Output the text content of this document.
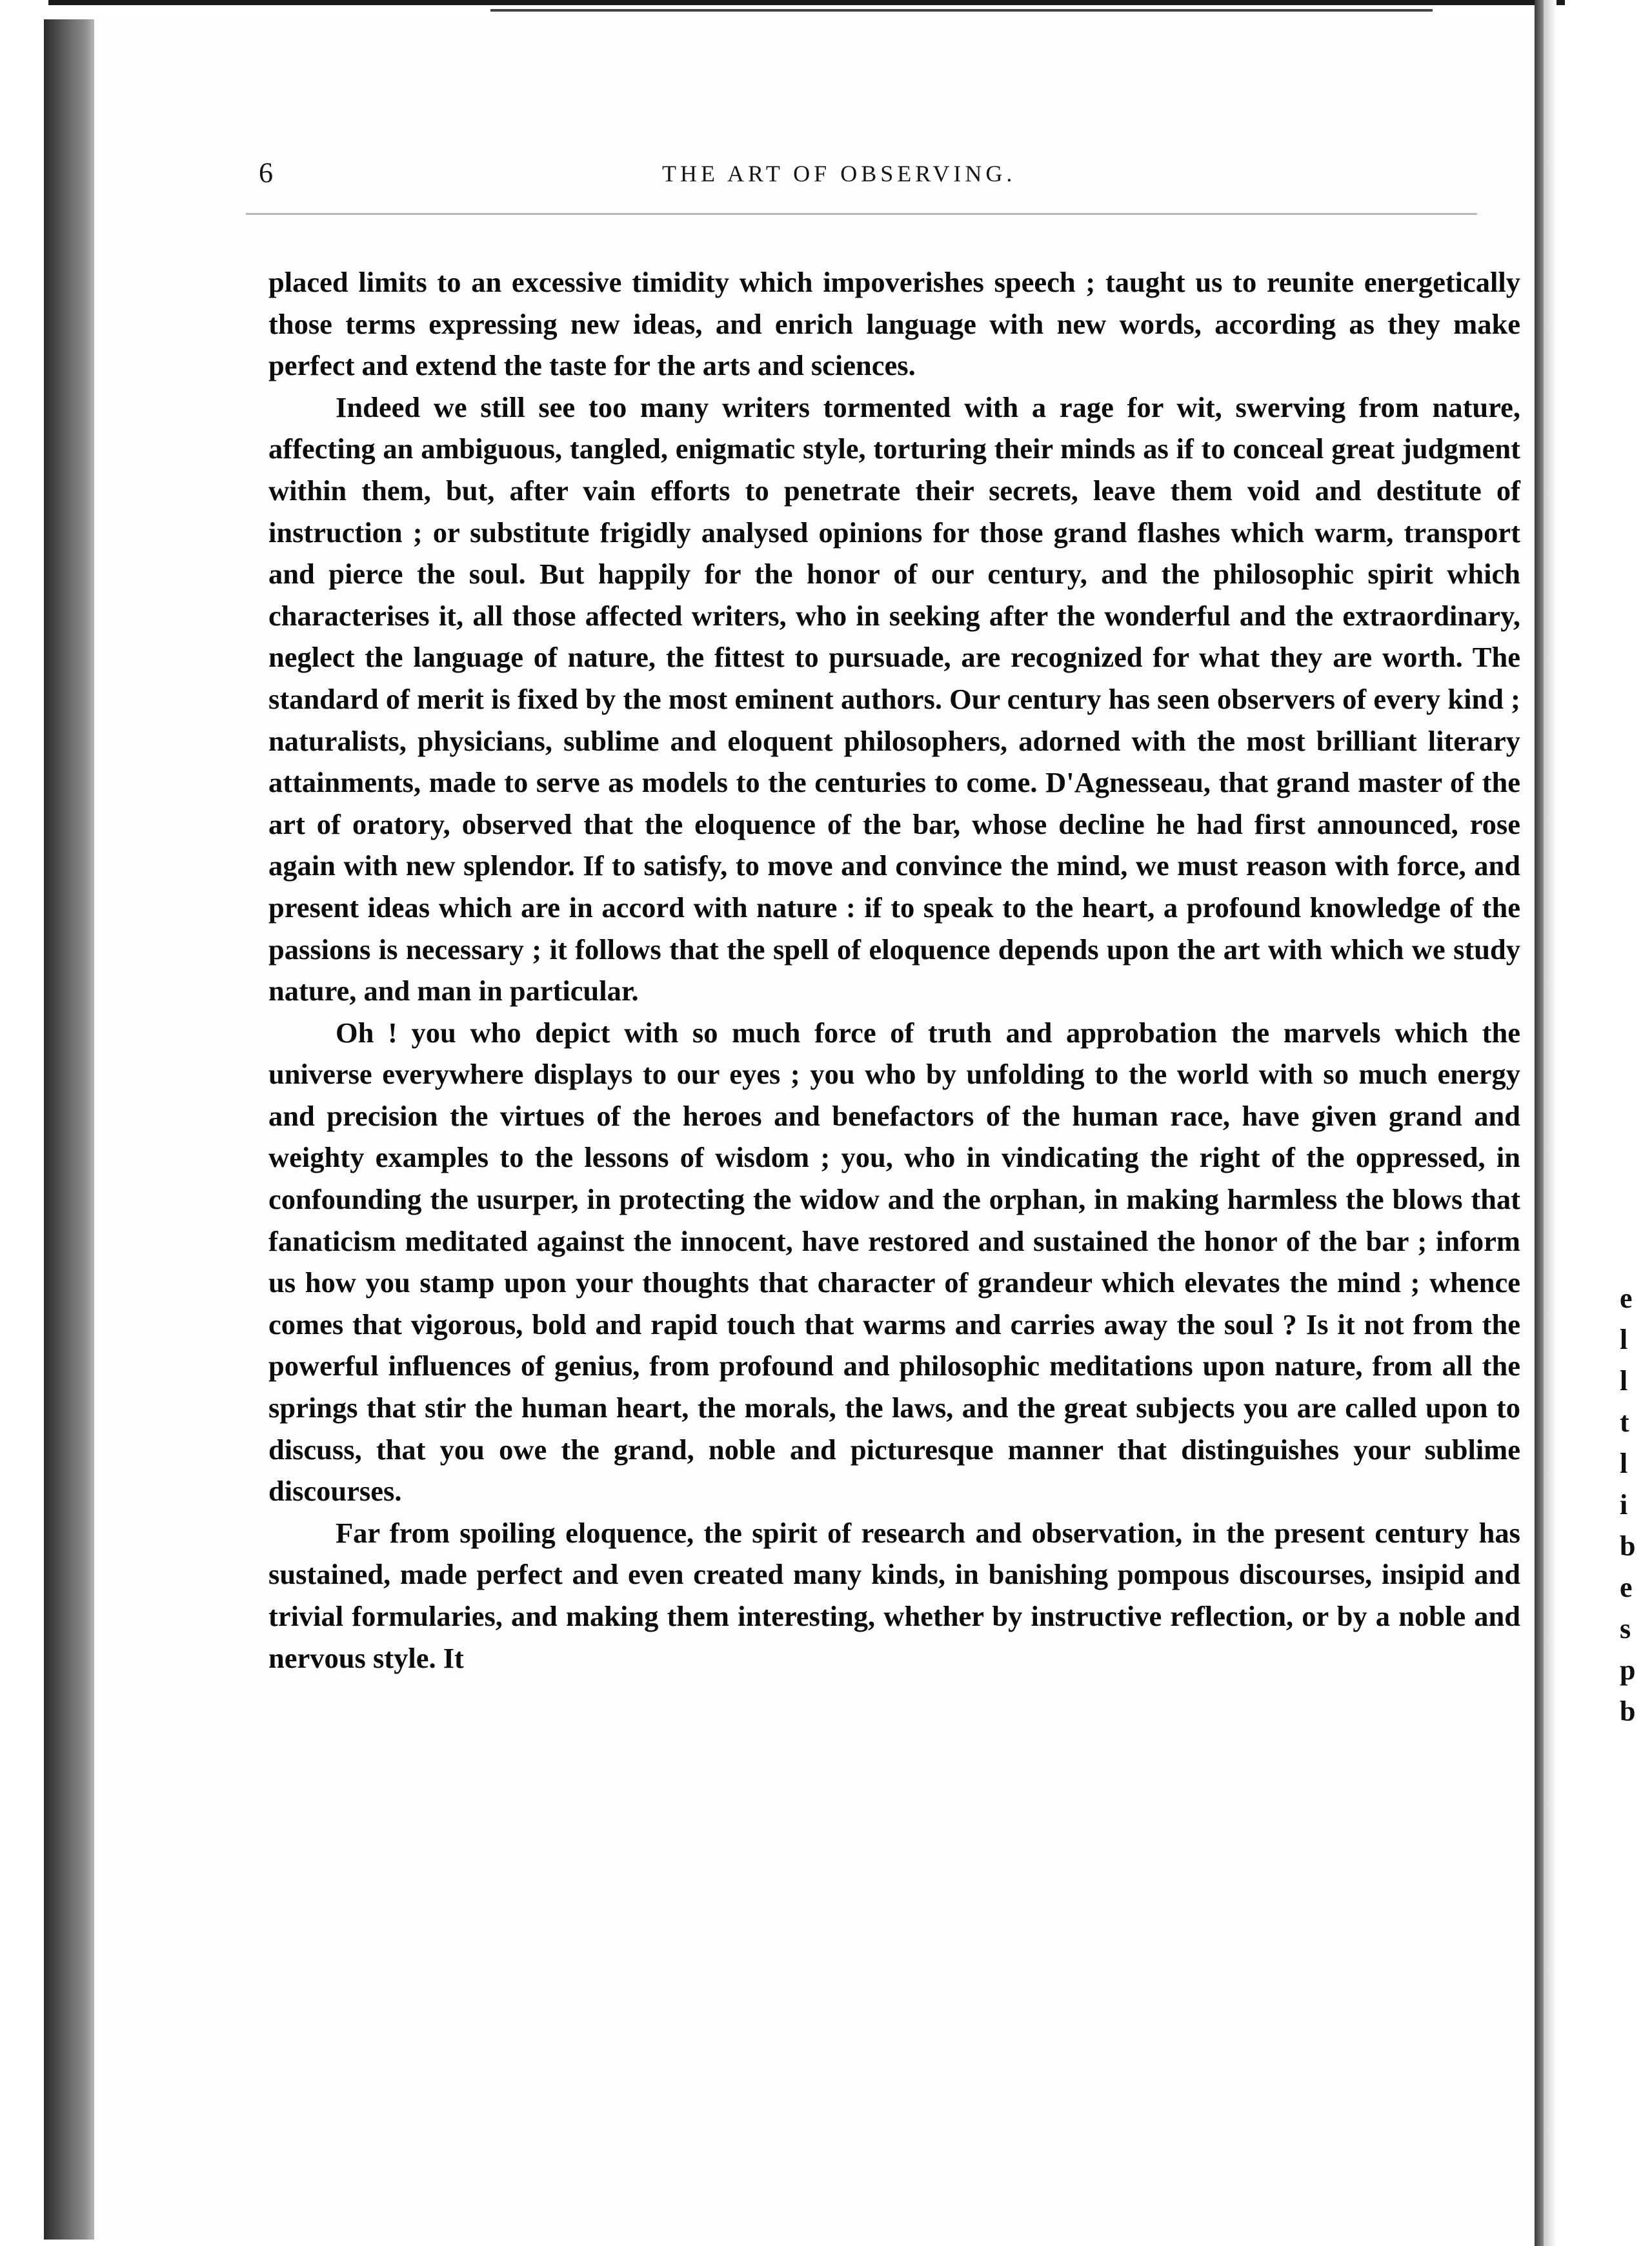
6	THE ART OF OBSERVING.

placed limits to an excessive timidity which impoverishes speech ; taught us to reunite energetically those terms expressing new ideas, and enrich language with new words, according as they make perfect and extend the taste for the arts and sciences.

Indeed we still see too many writers tormented with a rage for wit, swerving from nature, affecting an ambiguous, tangled, enigmatic style, torturing their minds as if to conceal great judgment within them, but, after vain efforts to penetrate their secrets, leave them void and destitute of instruction ; or substitute frigidly analysed opinions for those grand flashes which warm, transport and pierce the soul. But happily for the honor of our century, and the philosophic spirit which characterises it, all those affected writers, who in seeking after the wonderful and the extraordinary, neglect the language of nature, the fittest to pursuade, are recognized for what they are worth. The standard of merit is fixed by the most eminent authors. Our century has seen observers of every kind ; naturalists, physicians, sublime and eloquent philosophers, adorned with the most brilliant literary attainments, made to serve as models to the centuries to come. D'Agnesseau, that grand master of the art of oratory, observed that the eloquence of the bar, whose decline he had first announced, rose again with new splendor. If to satisfy, to move and convince the mind, we must reason with force, and present ideas which are in accord with nature : if to speak to the heart, a profound knowledge of the passions is necessary ; it follows that the spell of eloquence depends upon the art with which we study nature, and man in particular.

Oh ! you who depict with so much force of truth and approbation the marvels which the universe everywhere displays to our eyes ; you who by unfolding to the world with so much energy and precision the virtues of the heroes and benefactors of the human race, have given grand and weighty examples to the lessons of wisdom ; you, who in vindicating the right of the oppressed, in confounding the usurper, in protecting the widow and the orphan, in making harmless the blows that fanaticism meditated against the innocent, have restored and sustained the honor of the bar ; inform us how you stamp upon your thoughts that character of grandeur which elevates the mind ; whence comes that vigorous, bold and rapid touch that warms and carries away the soul ? Is it not from the powerful influences of genius, from profound and philosophic meditations upon nature, from all the springs that stir the human heart, the morals, the laws, and the great subjects you are called upon to discuss, that you owe the grand, noble and picturesque manner that distinguishes your sublime discourses.

Far from spoiling eloquence, the spirit of research and observation, in the present century has sustained, made perfect and even created many kinds, in banishing pompous discourses, insipid and trivial formularies, and making them interesting, whether by instructive reflection, or by a noble and nervous style. It

e
l
l
t
l
i
b
e
s
p
b
